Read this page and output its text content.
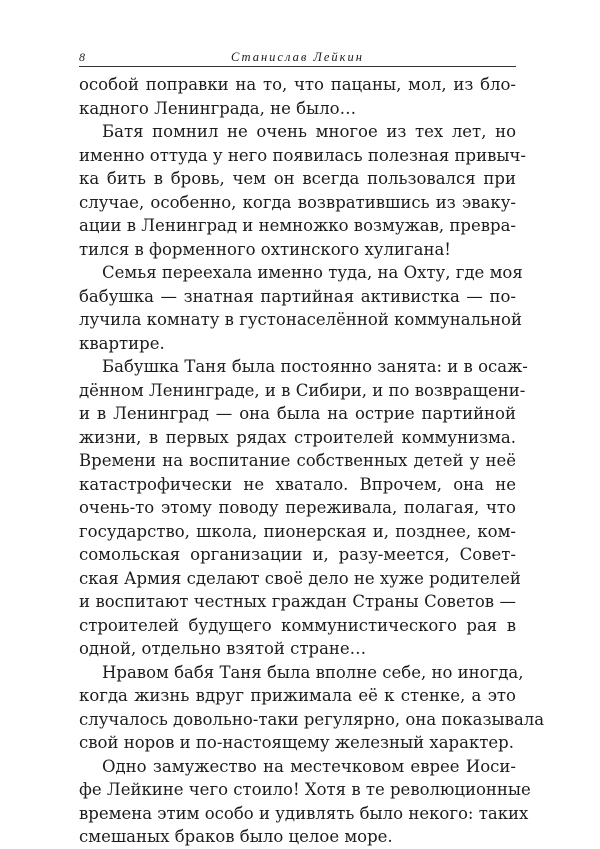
8	Станислав Лейкин
особой поправки на то, что пацаны, мол, из бло-
кадного Ленинграда, не было…
Батя помнил не очень многое из тех лет, но
именно оттуда у него появилась полезная привыч-
ка бить в бровь, чем он всегда пользовался при
случае, особенно, когда возвратившись из эваку-
ации в Ленинград и немножко возмужав, превра-
тился в форменного охтинского хулигана!
Семья переехала именно туда, на Охту, где моя
бабушка — знатная партийная активистка — по-
лучила комнату в густонаселённой коммунальной
квартире.
Бабушка Таня была постоянно занята: и в осаж-
дённом Ленинграде, и в Сибири, и по возвращени-
и в Ленинград — она была на острие партийной
жизни, в первых рядах строителей коммунизма.
Времени на воспитание собственных детей у неё
катастрофически не хватало. Впрочем, она не
очень-то этому поводу переживала, полагая, что
государство, школа, пионерская и, позднее, ком-
сомольская организации и, разу-меется, Совет-
ская Армия сделают своё дело не хуже родителей
и воспитают честных граждан Страны Советов —
строителей будущего коммунистического рая в
одной, отдельно взятой стране…
Нравом бабя Таня была вполне себе, но иногда,
когда жизнь вдруг прижимала её к стенке, а это
случалось довольно-таки регулярно, она показывала
свой норов и по-настоящему железный характер.
Одно замужество на местечковом еврее Иоси-
фе Лейкине чего стоило! Хотя в те революционные
времена этим особо и удивлять было некого: таких
смешаных браков было целое море.
